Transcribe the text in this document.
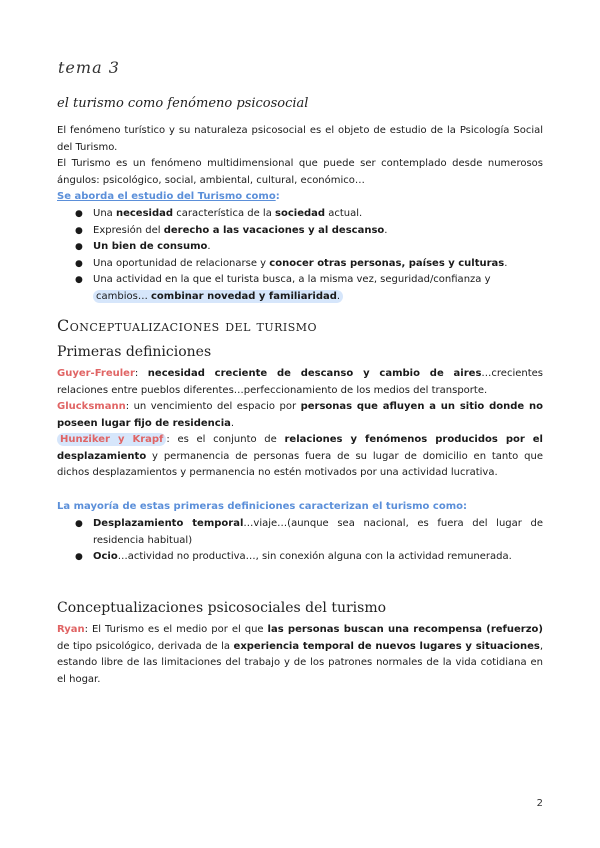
tema 3
el turismo como fenómeno psicosocial

El fenómeno turístico y su naturaleza psicosocial es el objeto de estudio de la Psicología Social del Turismo.

El Turismo es un fenómeno multidimensional que puede ser contemplado desde numerosos ángulos: psicológico, social, ambiental, cultural, económico…

Se aborda el estudio del Turismo como:

● Una necesidad característica de la sociedad actual.
● Expresión del derecho a las vacaciones y al descanso.
● Un bien de consumo.
● Una oportunidad de relacionarse y conocer otras personas, países y culturas.
● Una actividad en la que el turista busca, a la misma vez, seguridad/confianza y
cambios… combinar novedad y familiaridad.
Conceptualizaciones del turismo
Primeras definiciones

Guyer-Freuler: necesidad creciente de descanso y cambio de aires…crecientes relaciones entre pueblos diferentes…perfeccionamiento de los medios del transporte.

Glucksmann: un vencimiento del espacio por personas que afluyen a un sitio donde no poseen lugar fijo de residencia.

Hunziker y Krapf : es el conjunto de relaciones y fenómenos producidos por el desplazamiento y permanencia de personas fuera de su lugar de domicilio en tanto que dichos desplazamientos y permanencia no estén motivados por una actividad lucrativa.

La mayoría de estas primeras definiciones caracterizan el turismo como:

● Desplazamiento temporal…viaje…(aunque sea nacional, es fuera del lugar de residencia habitual)
● Ocio…actividad no productiva…, sin conexión alguna con la actividad remunerada.
Conceptualizaciones psicosociales del turismo

Ryan: El Turismo es el medio por el que las personas buscan una recompensa (refuerzo) de tipo psicológico, derivada de la experiencia temporal de nuevos lugares y situaciones, estando libre de las limitaciones del trabajo y de los patrones normales de la vida cotidiana en el hogar.

2
